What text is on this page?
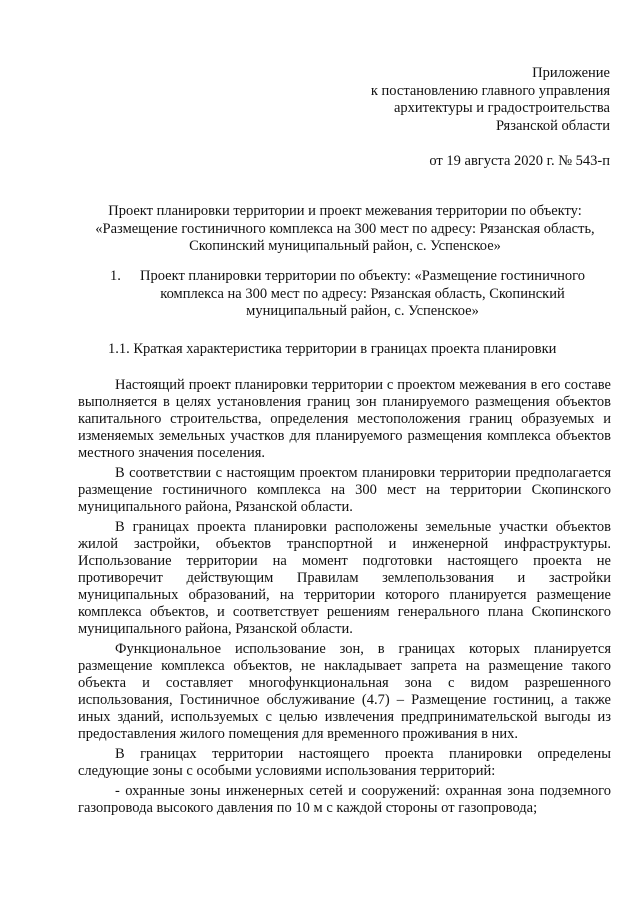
Приложение
к постановлению главного управления
архитектуры и градостроительства
Рязанской области
от 19 августа 2020 г. № 543-п
Проект планировки территории и проект межевания территории по объекту:
«Размещение гостиничного комплекса на 300 мест по адресу: Рязанская область,
Скопинский муниципальный район, с. Успенское»
1.	Проект планировки территории по объекту: «Размещение гостиничного
комплекса на 300 мест по адресу: Рязанская область, Скопинский
муниципальный район, с. Успенское»
1.1. Краткая характеристика территории в границах проекта планировки

Настоящий проект планировки территории с проектом межевания в его составе выполняется в целях установления границ зон планируемого размещения объектов капитального строительства, определения местоположения границ образуемых и изменяемых земельных участков для планируемого размещения комплекса объектов местного значения поселения.

В соответствии с настоящим проектом планировки территории предполагается размещение гостиничного комплекса на 300 мест на территории Скопинского муниципального района, Рязанской области.

В границах проекта планировки расположены земельные участки объектов жилой застройки, объектов транспортной и инженерной инфраструктуры. Использование территории на момент подготовки настоящего проекта не противоречит действующим Правилам землепользования и застройки муниципальных образований, на территории которого планируется размещение комплекса объектов, и соответствует решениям генерального плана Скопинского муниципального района, Рязанской области.

Функциональное использование зон, в границах которых планируется размещение комплекса объектов, не накладывает запрета на размещение такого объекта и составляет многофункциональная зона с видом разрешенного использования, Гостиничное обслуживание (4.7) – Размещение гостиниц, а также иных зданий, используемых с целью извлечения предпринимательской выгоды из предоставления жилого помещения для временного проживания в них.

В границах территории настоящего проекта планировки определены следующие зоны с особыми условиями использования территорий:

- охранные зоны инженерных сетей и сооружений: охранная зона подземного газопровода высокого давления по 10 м с каждой стороны от газопровода;
